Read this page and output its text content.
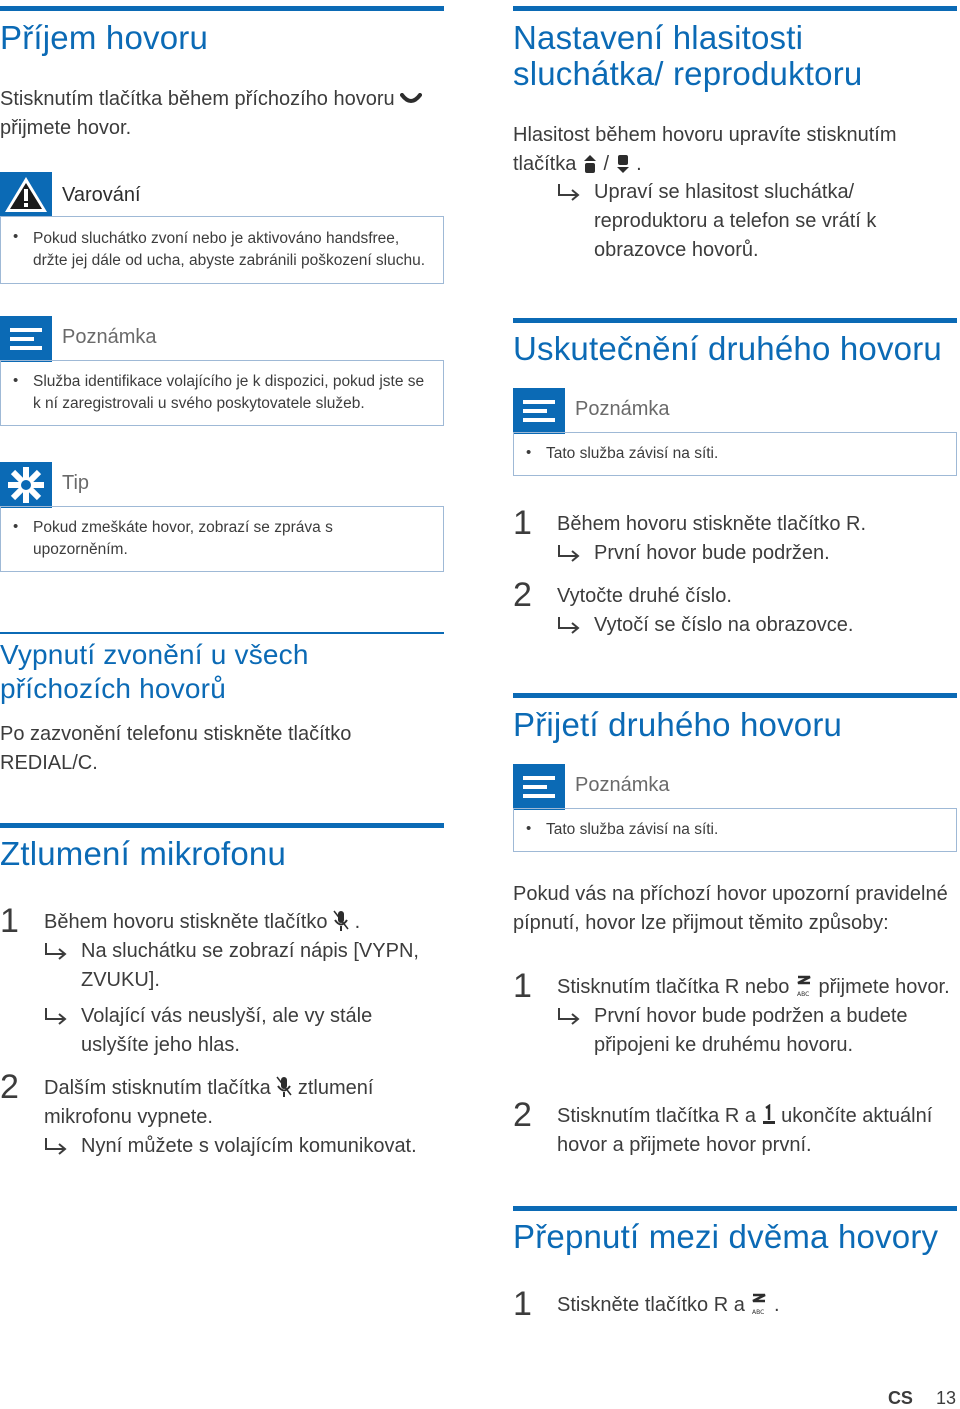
Příjem hovoru
Stisknutím tlačítka během příchozího hovoru
přijmete hovor.
Varování
• Pokud sluchátko zvoní nebo je aktivováno handsfree, držte jej dále od ucha, abyste zabránili poškození sluchu.
Poznámka
• Služba identifikace volajícího je k dispozici, pokud jste se k ní zaregistrovali u svého poskytovatele služeb.
Tip
• Pokud zmeškáte hovor, zobrazí se zpráva s upozorněním.
Vypnutí zvonění u všech příchozích hovorů
Po zazvonění telefonu stiskněte tlačítko
REDIAL/C.
Ztlumení mikrofonu
1	Během hovoru stiskněte tlačítko .
Na sluchátku se zobrazí nápis [VYPN, ZVUKU].
Volající vás neuslyší, ale vy stále uslyšíte jeho hlas.
2	Dalším stisknutím tlačítka ztlumení mikrofonu vypnete.
Nyní můžete s volajícím komunikovat.
Nastavení hlasitosti sluchátka/ reproduktoru
Hlasitost během hovoru upravíte stisknutím
tlačítka / .
Upraví se hlasitost sluchátka/ reproduktoru a telefon se vrátí k obrazovce hovorů.
Uskutečnění druhého hovoru
Poznámka
• Tato služba závisí na síti.
1	Během hovoru stiskněte tlačítko R.
První hovor bude podržen.
2	Vytočte druhé číslo.
Vytočí se číslo na obrazovce.
Přijetí druhého hovoru
Poznámka
• Tato služba závisí na síti.
Pokud vás na příchozí hovor upozorní pravidelné pípnutí, hovor lze přijmout těmito způsoby:
1	Stisknutím tlačítka R nebo ABC přijmete hovor.
První hovor bude podržen a budete připojeni ke druhému hovoru.
2	Stisknutím tlačítka R a ukončíte aktuální hovor a přijmete hovor první.
Přepnutí mezi dvěma hovory
1	Stiskněte tlačítko R a ABC .
CS 13
